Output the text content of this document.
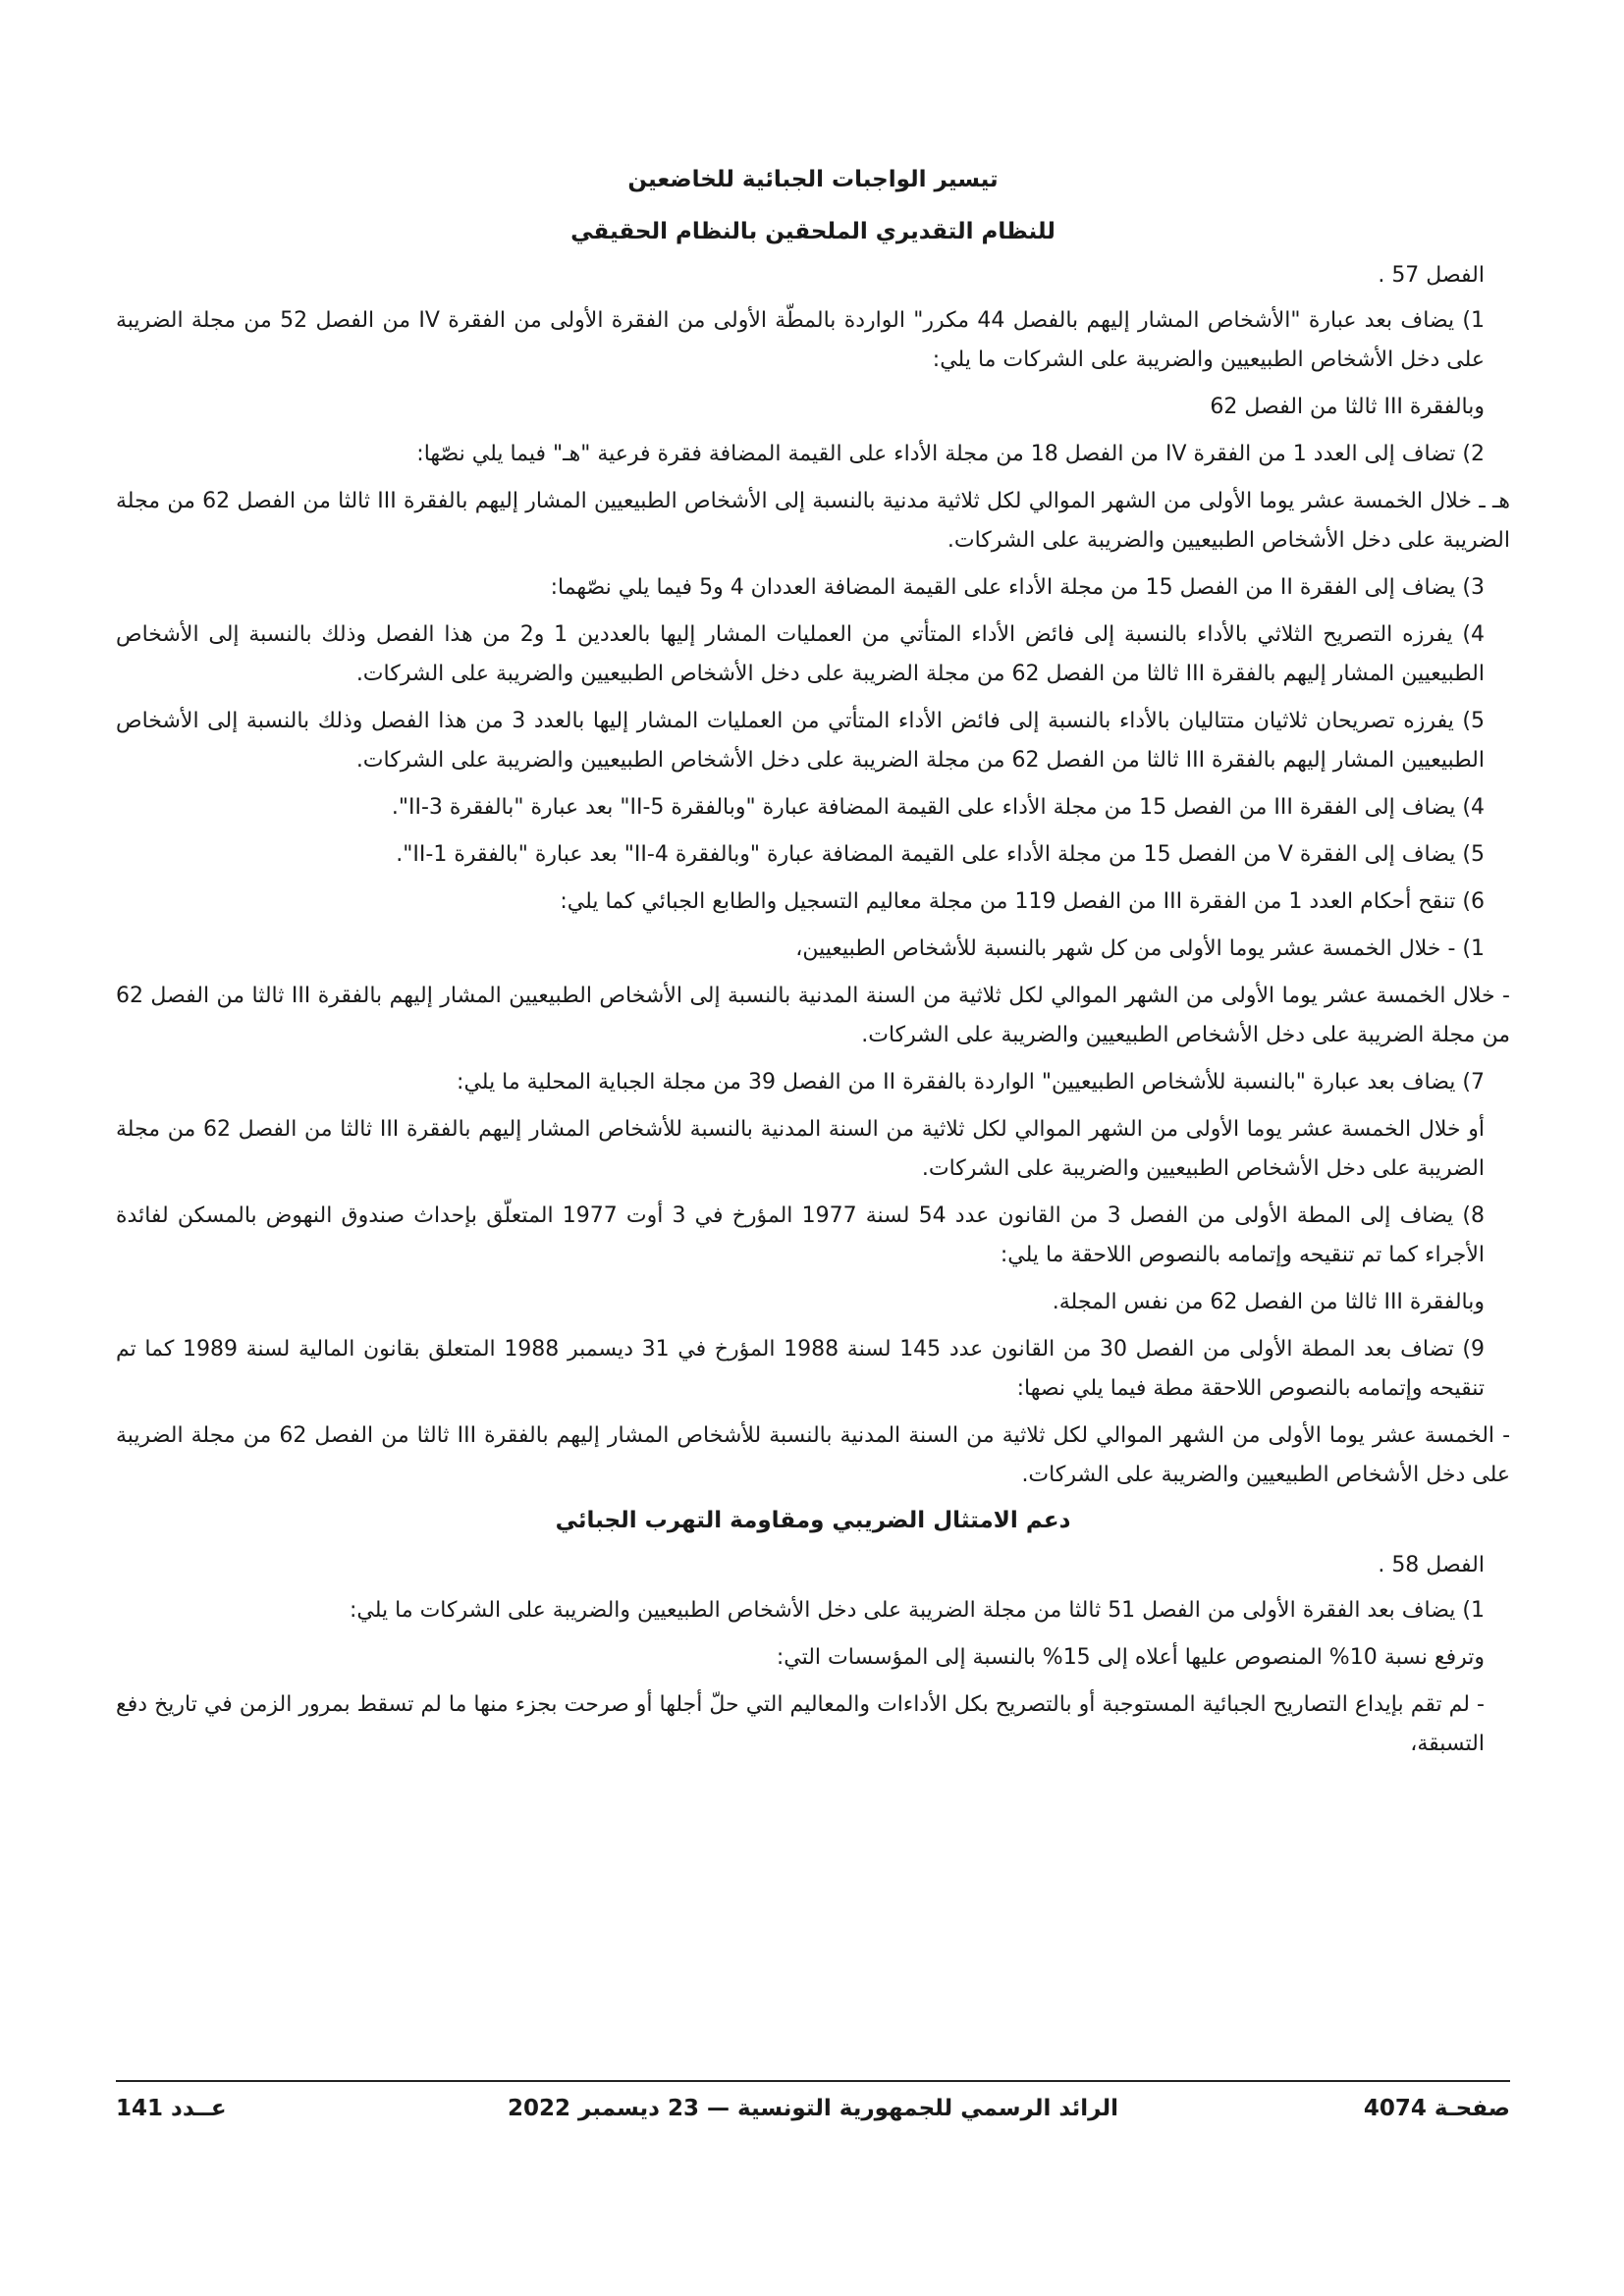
تيسير الواجبات الجبائية للخاضعين
للنظام التقديري الملحقين بالنظام الحقيقي
الفصل 57 .

1) يضاف بعد عبارة "الأشخاص المشار إليهم بالفصل 44 مكرر" الواردة بالمطّة الأولى من الفقرة الأولى من الفقرة IV من الفصل 52 من مجلة الضريبة على دخل الأشخاص الطبيعيين والضريبة على الشركات ما يلي:

وبالفقرة III ثالثا من الفصل 62

2) تضاف إلى العدد 1 من الفقرة IV من الفصل 18 من مجلة الأداء على القيمة المضافة فقرة فرعية "هـ" فيما يلي نصّها:

هـ ـ خلال الخمسة عشر يوما الأولى من الشهر الموالي لكل ثلاثية مدنية بالنسبة إلى الأشخاص الطبيعيين المشار إليهم بالفقرة III ثالثا من الفصل 62 من مجلة الضريبة على دخل الأشخاص الطبيعيين والضريبة على الشركات.

3) يضاف إلى الفقرة II من الفصل 15 من مجلة الأداء على القيمة المضافة العددان 4 و5 فيما يلي نصّهما:

4) يفرزه التصريح الثلاثي بالأداء بالنسبة إلى فائض الأداء المتأتي من العمليات المشار إليها بالعددين 1 و2 من هذا الفصل وذلك بالنسبة إلى الأشخاص الطبيعيين المشار إليهم بالفقرة III ثالثا من الفصل 62 من مجلة الضريبة على دخل الأشخاص الطبيعيين والضريبة على الشركات.

5) يفرزه تصريحان ثلاثيان متتاليان بالأداء بالنسبة إلى فائض الأداء المتأتي من العمليات المشار إليها بالعدد 3 من هذا الفصل وذلك بالنسبة إلى الأشخاص الطبيعيين المشار إليهم بالفقرة III ثالثا من الفصل 62 من مجلة الضريبة على دخل الأشخاص الطبيعيين والضريبة على الشركات.

4) يضاف إلى الفقرة III من الفصل 15 من مجلة الأداء على القيمة المضافة عبارة "وبالفقرة II-5" بعد عبارة "بالفقرة II-3".

5) يضاف إلى الفقرة V من الفصل 15 من مجلة الأداء على القيمة المضافة عبارة "وبالفقرة II-4" بعد عبارة "بالفقرة II-1".

6) تنقح أحكام العدد 1 من الفقرة III من الفصل 119 من مجلة معاليم التسجيل والطابع الجبائي كما يلي:

1) - خلال الخمسة عشر يوما الأولى من كل شهر بالنسبة للأشخاص الطبيعيين،

- خلال الخمسة عشر يوما الأولى من الشهر الموالي لكل ثلاثية من السنة المدنية بالنسبة إلى الأشخاص الطبيعيين المشار إليهم بالفقرة III ثالثا من الفصل 62 من مجلة الضريبة على دخل الأشخاص الطبيعيين والضريبة على الشركات.

7) يضاف بعد عبارة "بالنسبة للأشخاص الطبيعيين" الواردة بالفقرة II من الفصل 39 من مجلة الجباية المحلية ما يلي:

أو خلال الخمسة عشر يوما الأولى من الشهر الموالي لكل ثلاثية من السنة المدنية بالنسبة للأشخاص المشار إليهم بالفقرة III ثالثا من الفصل 62 من مجلة الضريبة على دخل الأشخاص الطبيعيين والضريبة على الشركات.

8) يضاف إلى المطة الأولى من الفصل 3 من القانون عدد 54 لسنة 1977 المؤرخ في 3 أوت 1977 المتعلّق بإحداث صندوق النهوض بالمسكن لفائدة الأجراء كما تم تنقيحه وإتمامه بالنصوص اللاحقة ما يلي:

وبالفقرة III ثالثا من الفصل 62 من نفس المجلة.

9) تضاف بعد المطة الأولى من الفصل 30 من القانون عدد 145 لسنة 1988 المؤرخ في 31 ديسمبر 1988 المتعلق بقانون المالية لسنة 1989 كما تم تنقيحه وإتمامه بالنصوص اللاحقة مطة فيما يلي نصها:

- الخمسة عشر يوما الأولى من الشهر الموالي لكل ثلاثية من السنة المدنية بالنسبة للأشخاص المشار إليهم بالفقرة III ثالثا من الفصل 62 من مجلة الضريبة على دخل الأشخاص الطبيعيين والضريبة على الشركات.

دعم الامتثال الضريبي ومقاومة التهرب الجبائي
الفصل 58 .

1) يضاف بعد الفقرة الأولى من الفصل 51 ثالثا من مجلة الضريبة على دخل الأشخاص الطبيعيين والضريبة على الشركات ما يلي:

وترفع نسبة 10% المنصوص عليها أعلاه إلى 15% بالنسبة إلى المؤسسات التي:

- لم تقم بإيداع التصاريح الجبائية المستوجبة أو بالتصريح بكل الأداءات والمعاليم التي حلّ أجلها أو صرحت بجزء منها ما لم تسقط بمرور الزمن في تاريخ دفع التسبقة،

صفحـة 4074
الرائد الرسمي للجمهورية التونسية — 23 ديسمبر 2022
عــدد 141
